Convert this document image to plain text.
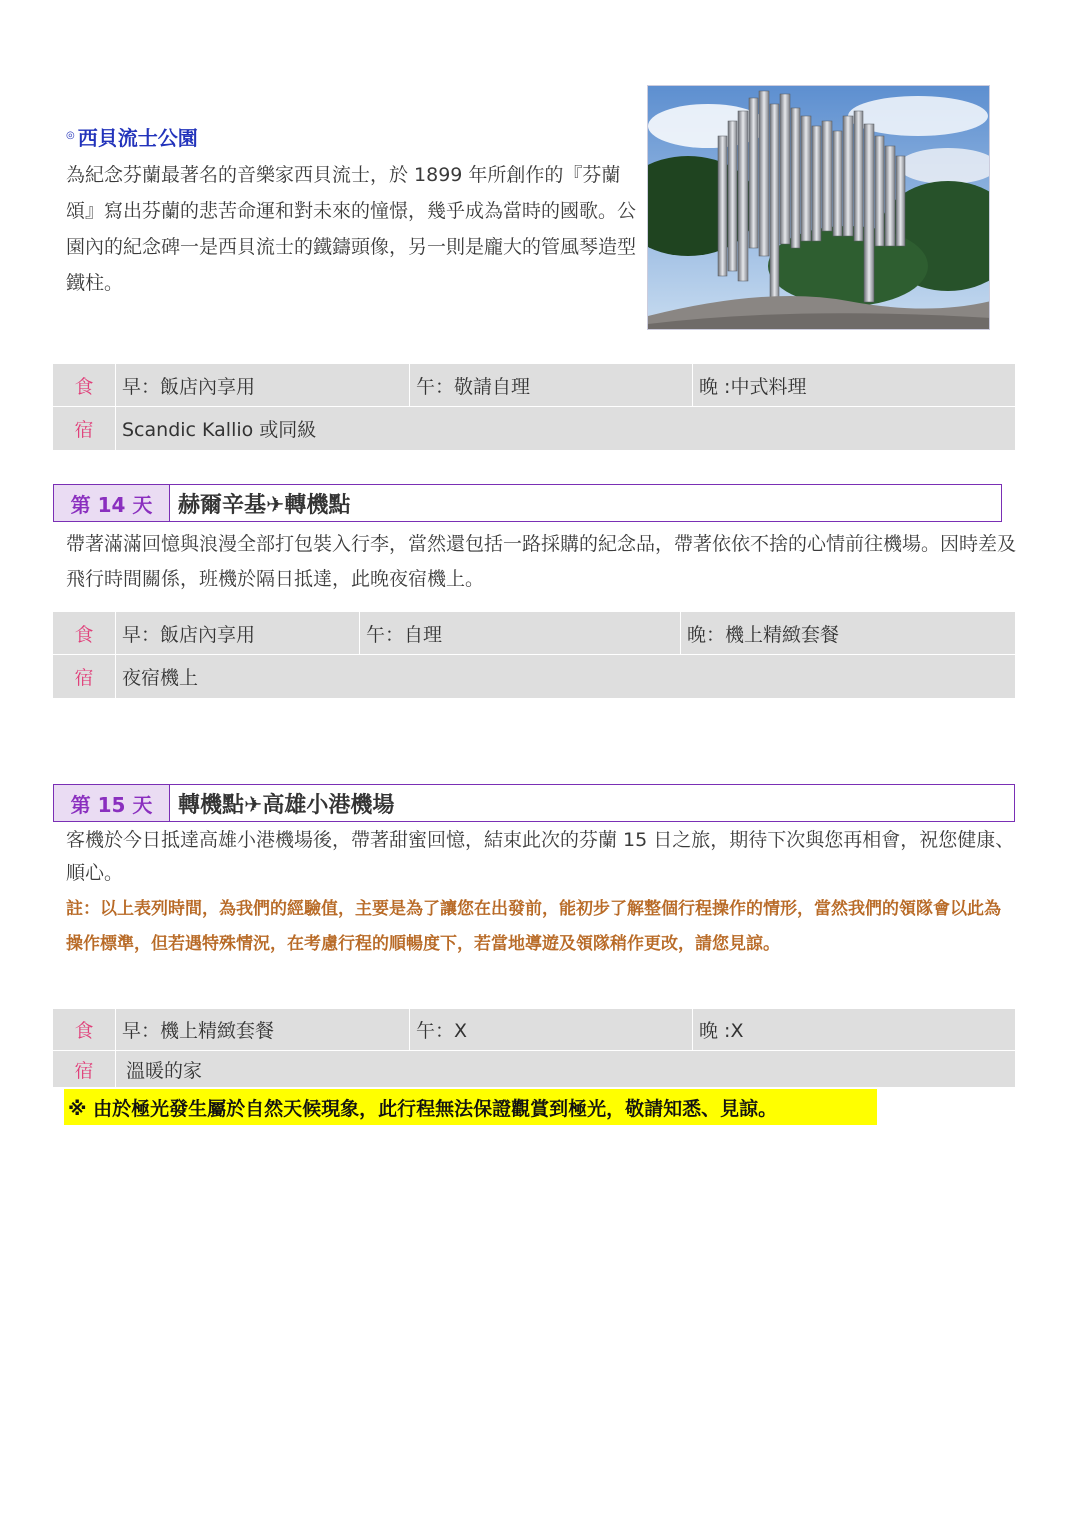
◎ 西貝流士公園

為紀念芬蘭最著名的音樂家西貝流士，於 1899 年所創作的『芬蘭頌』寫出芬蘭的悲苦命運和對未來的憧憬，幾乎成為當時的國歌。公園內的紀念碑一是西貝流士的鐵鑄頭像，另一則是龐大的管風琴造型鐵柱。

食	早：飯店內享用	午：敬請自理	晚 :中式料理
宿	Scandic Kallio 或同級
第 14 天	赫爾辛基✈轉機點

帶著滿滿回憶與浪漫全部打包裝入行李，當然還包括一路採購的紀念品，帶著依依不捨的心情前往機場。因時差及飛行時間關係，班機於隔日抵達，此晚夜宿機上。

食	早：飯店內享用	午：自理	晚：機上精緻套餐
宿	夜宿機上
第 15 天	轉機點✈高雄小港機場

客機於今日抵達高雄小港機場後，帶著甜蜜回憶，結束此次的芬蘭 15 日之旅，期待下次與您再相會，祝您健康、順心。

註：以上表列時間，為我們的經驗值，主要是為了讓您在出發前，能初步了解整個行程操作的情形，當然我們的領隊會以此為操作標準，但若遇特殊情況，在考慮行程的順暢度下，若當地導遊及領隊稍作更改，請您見諒。

食	早：機上精緻套餐	午：X	晚 :X
宿	溫暖的家
※ 由於極光發生屬於自然天候現象，此行程無法保證觀賞到極光，敬請知悉、見諒。
